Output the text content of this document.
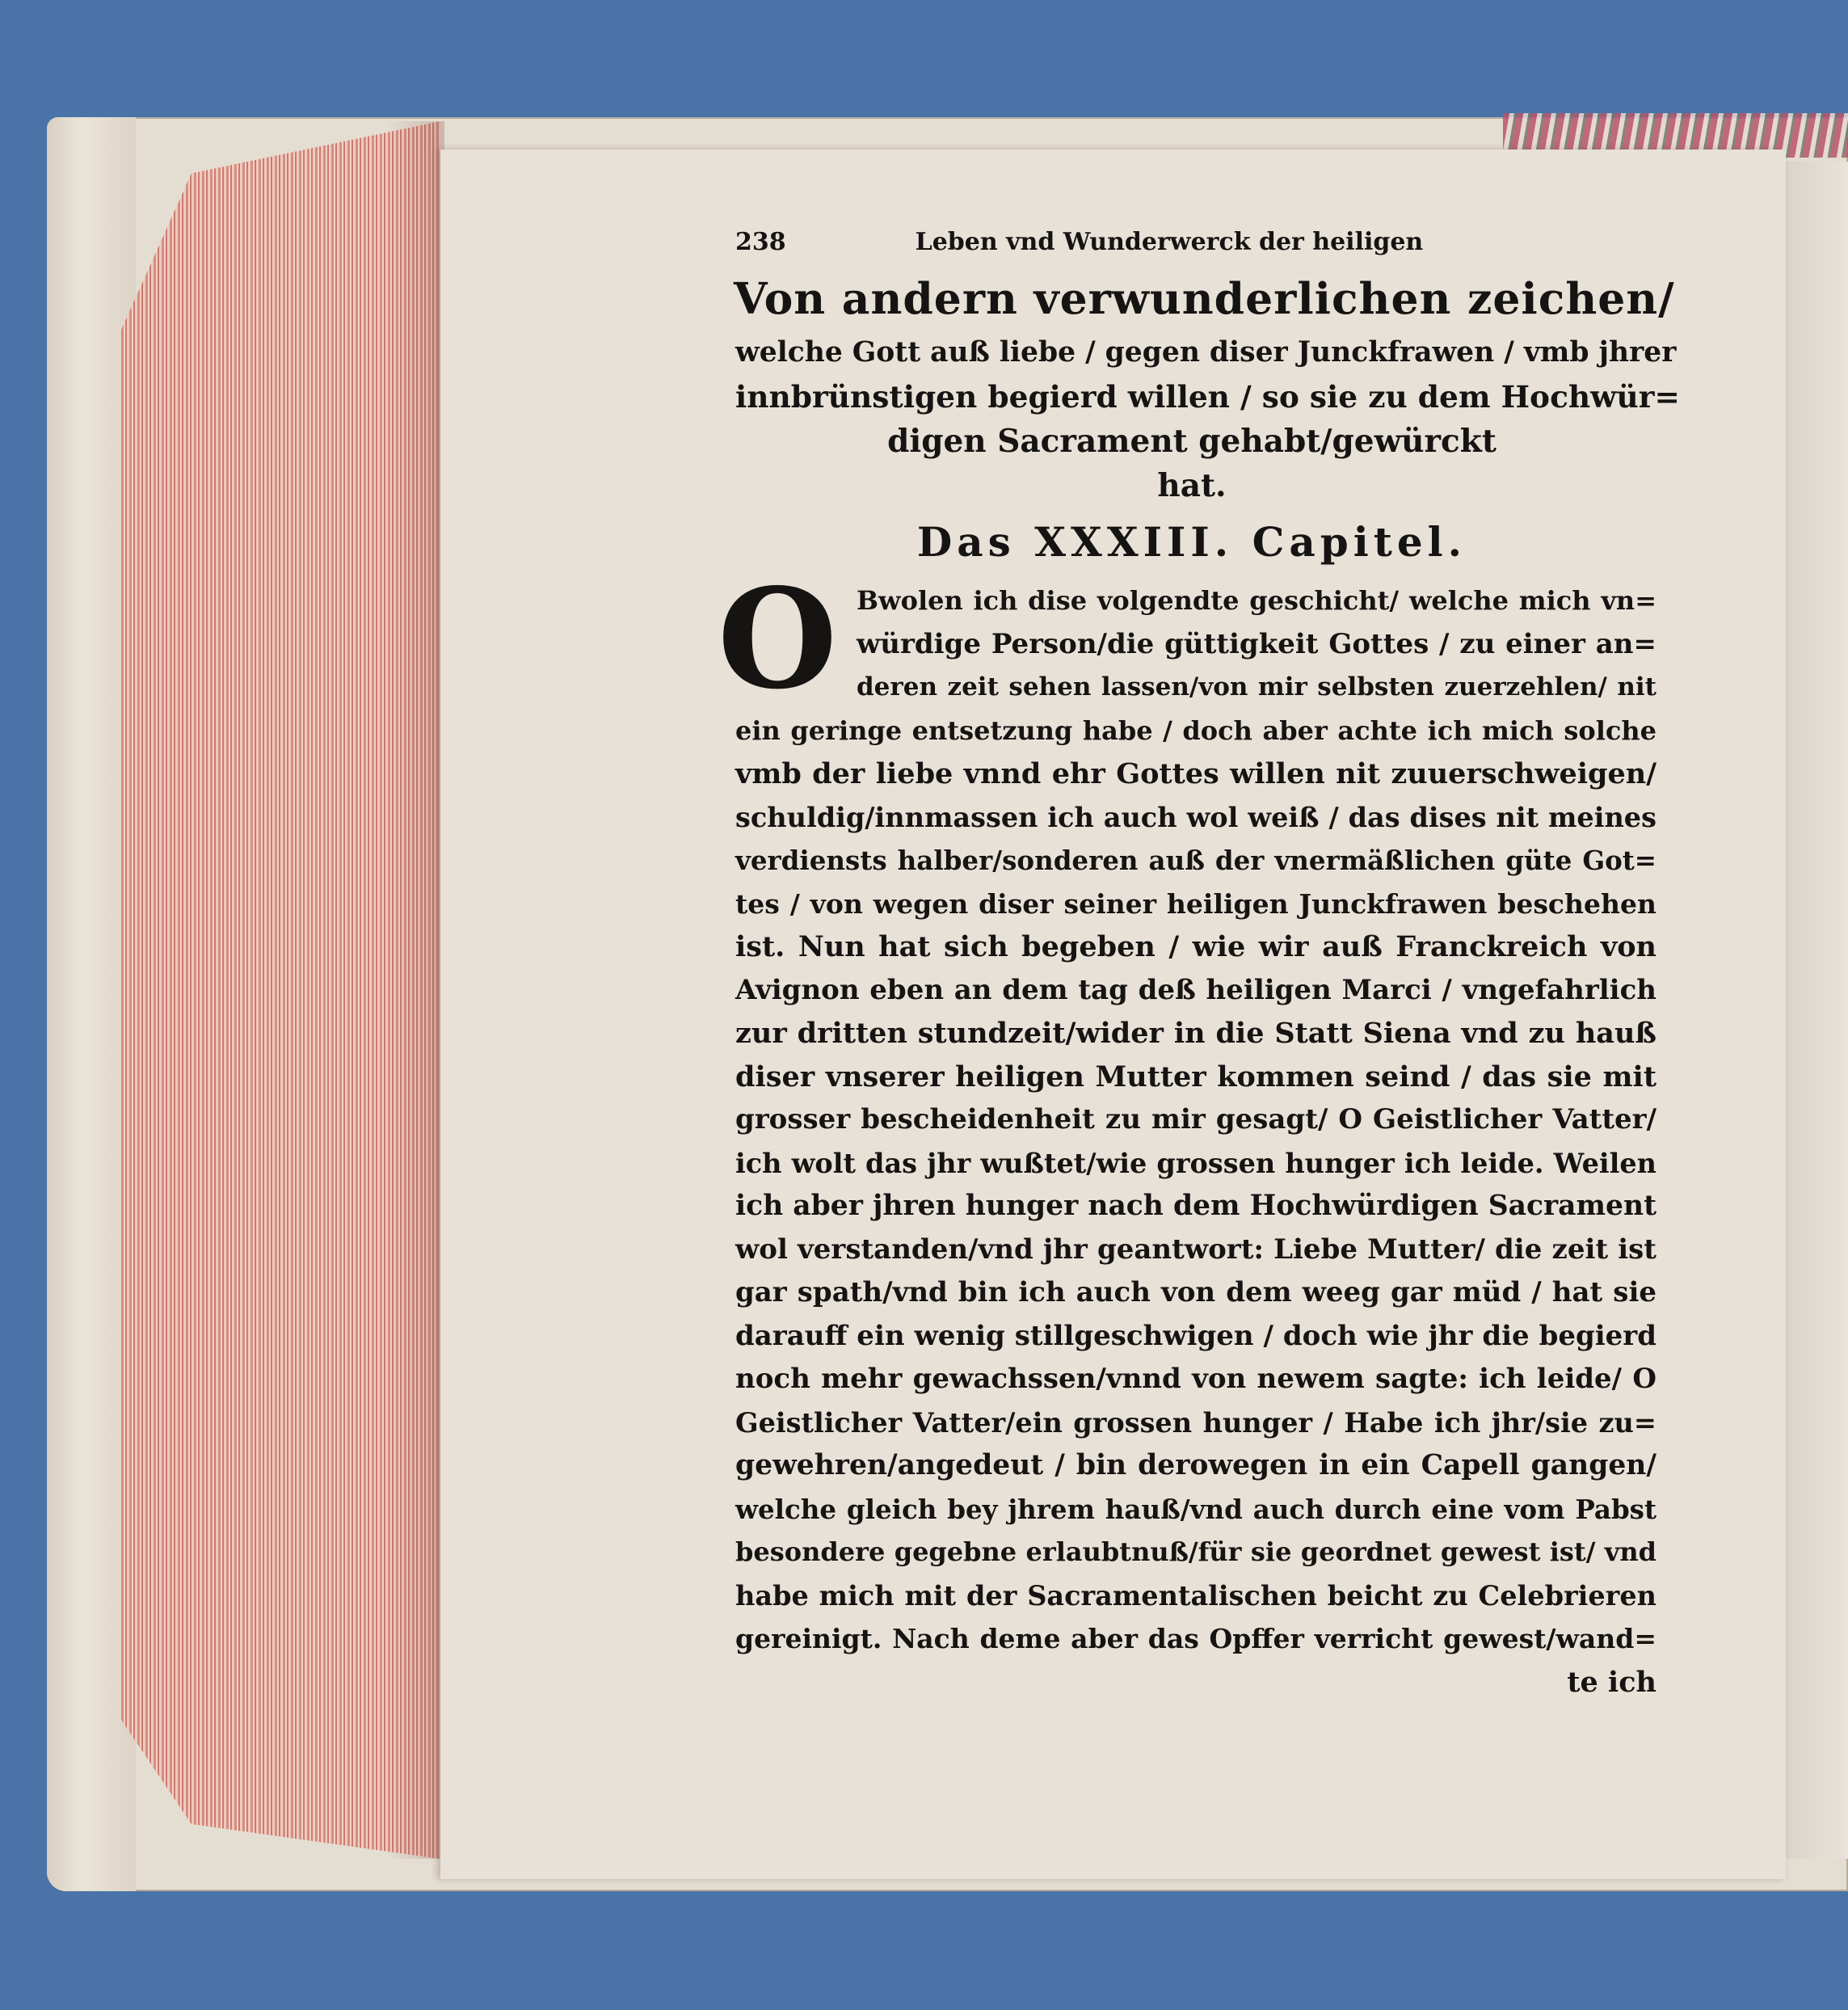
238	Leben vnd Wunderwerck der heiligen
Von andern verwunderlichen zeichen/
welche Gott auß liebe / gegen diser Junckfrawen / vmb jhrer
innbrünstigen begierd willen / so sie zu dem Hochwür=
digen Sacrament gehabt/gewürckt
hat.
Das XXXIII. Capitel.
O Bwolen ich dise volgendte geschicht/ welche mich vn=
würdige Person/die güttigkeit Gottes / zu einer an=
deren zeit sehen lassen/von mir selbsten zuerzehlen/ nit
ein geringe entsetzung habe / doch aber achte ich mich solche
vmb der liebe vnnd ehr Gottes willen nit zuuerschweigen/
schuldig/innmassen ich auch wol weiß / das dises nit meines
verdiensts halber/sonderen auß der vnermäßlichen güte Got=
tes / von wegen diser seiner heiligen Junckfrawen beschehen
ist. Nun hat sich begeben / wie wir auß Franckreich von
Avignon eben an dem tag deß heiligen Marci / vngefahrlich
zur dritten stundzeit/wider in die Statt Siena vnd zu hauß
diser vnserer heiligen Mutter kommen seind / das sie mit
grosser bescheidenheit zu mir gesagt/ O Geistlicher Vatter/
ich wolt das jhr wußtet/wie grossen hunger ich leide. Weilen
ich aber jhren hunger nach dem Hochwürdigen Sacrament
wol verstanden/vnd jhr geantwort: Liebe Mutter/ die zeit ist
gar spath/vnd bin ich auch von dem weeg gar müd / hat sie
darauff ein wenig stillgeschwigen / doch wie jhr die begierd
noch mehr gewachssen/vnnd von newem sagte: ich leide/ O
Geistlicher Vatter/ein grossen hunger / Habe ich jhr/sie zu=
gewehren/angedeut / bin derowegen in ein Capell gangen/
welche gleich bey jhrem hauß/vnd auch durch eine vom Pabst
besondere gegebne erlaubtnuß/für sie geordnet gewest ist/ vnd
habe mich mit der Sacramentalischen beicht zu Celebrieren
gereinigt. Nach deme aber das Opffer verricht gewest/wand=
te ich
